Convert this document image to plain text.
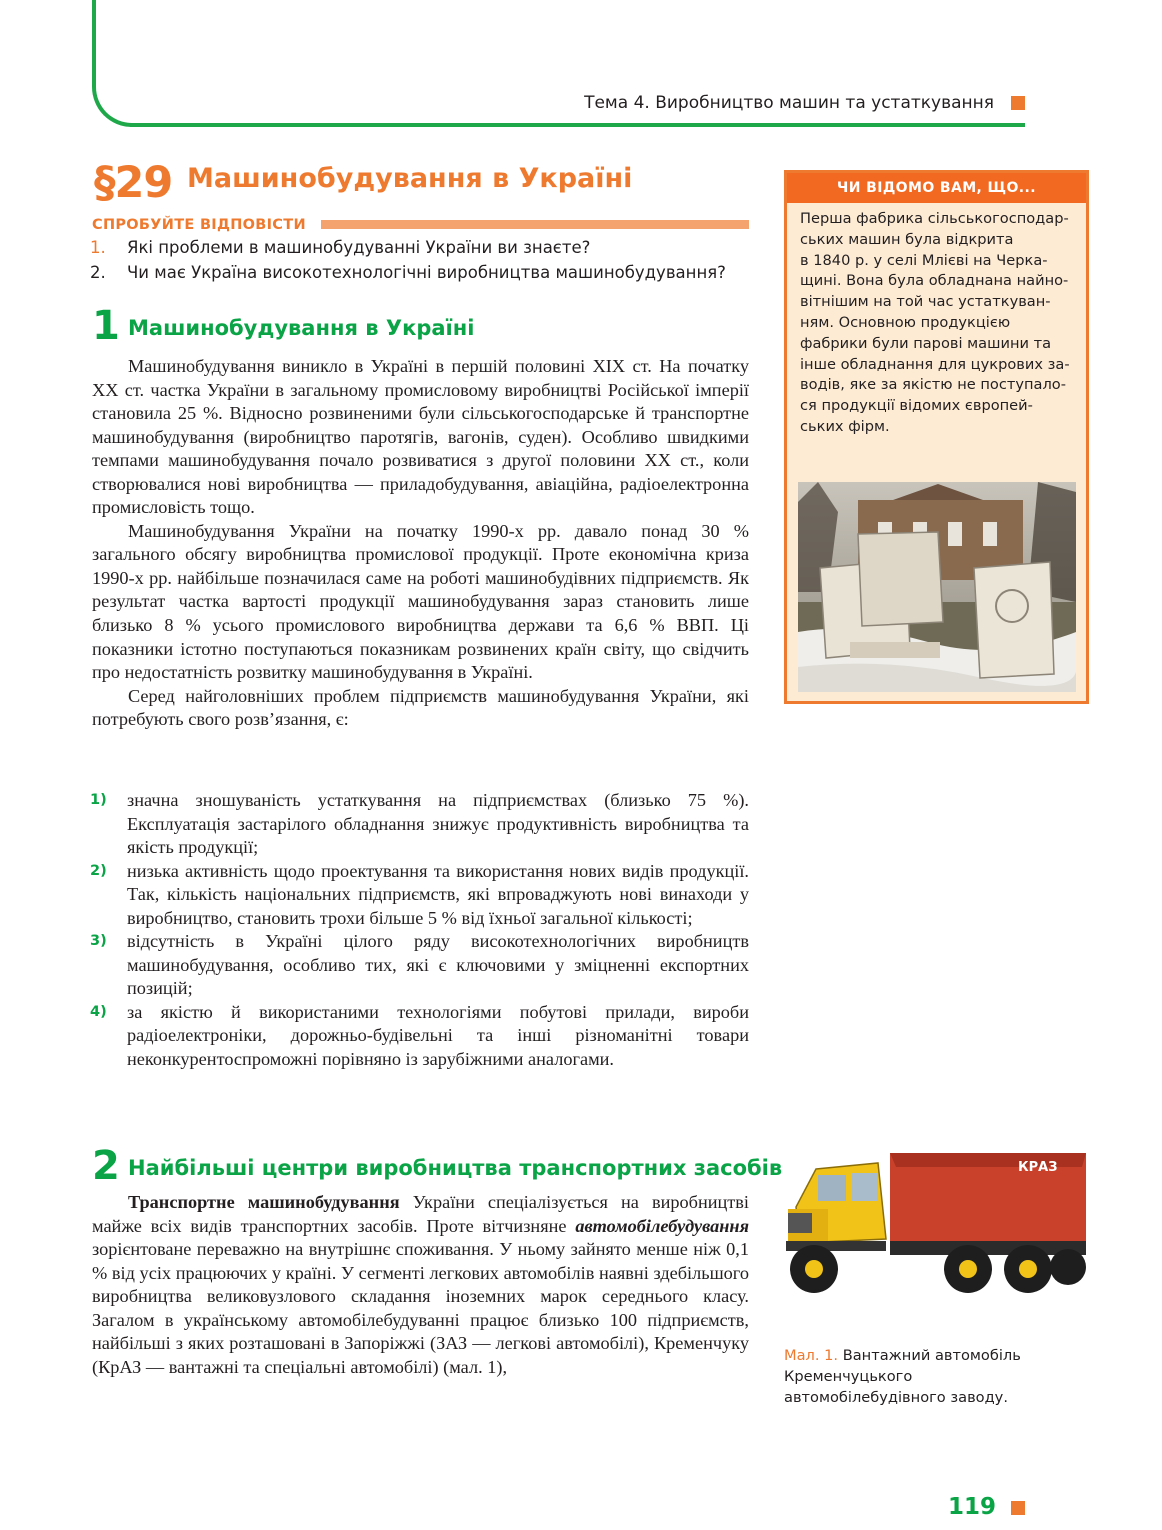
Тема 4. Виробництво машин та устаткування
§29 Машинобудування в Україні
СПРОБУЙТЕ ВІДПОВІСТИ
1. Які проблеми в машинобудуванні України ви знаєте?
2. Чи має Україна високотехнологічні виробництва машинобудування?
1 Машинобудування в Україні

Машинобудування виникло в Україні в першій половині XIX ст. На початку XX ст. частка України в загальному промисловому виробництві Російської імперії становила 25 %. Відносно розвиненими були сільськогосподарське й транспортне машинобудування (виробництво паротягів, вагонів, суден). Особливо швидкими темпами машинобудування почало розвиватися з другої половини XX ст., коли створювалися нові виробництва — приладобудування, авіаційна, радіоелектронна промисловість тощо.

Машинобудування України на початку 1990-х рр. давало понад 30 % загального обсягу виробництва промислової продукції. Проте економічна криза 1990-х рр. найбільше позначилася саме на роботі машинобудівних підприємств. Як результат частка вартості продукції машинобудування зараз становить лише близько 8 % усього промислового виробництва держави та 6,6 % ВВП. Ці показники істотно поступаються показникам розвинених країн світу, що свідчить про недостатність розвитку машинобудування в Україні.

Серед найголовніших проблем підприємств машинобудування України, які потребують свого розв’язання, є:

1) значна зношуваність устаткування на підприємствах (близько 75 %). Експлуатація застарілого обладнання знижує продуктивність виробництва та якість продукції;
2) низька активність щодо проектування та використання нових видів продукції. Так, кількість національних підприємств, які впроваджують нові винаходи у виробництво, становить трохи більше 5 % від їхньої загальної кількості;
3) відсутність в Україні цілого ряду високотехнологічних виробництв машинобудування, особливо тих, які є ключовими у зміцненні експортних позицій;
4) за якістю й використаними технологіями побутові прилади, вироби радіоелектроніки, дорожньо-будівельні та інші різноманітні товари неконкурентоспроможні порівняно із зарубіжними аналогами.
2 Найбільші центри виробництва транспортних засобів

Транспортне машинобудування України спеціалізується на виробництві майже всіх видів транспортних засобів. Проте вітчизняне автомобілебудування зорієнтоване переважно на внутрішнє споживання. У ньому зайнято менше ніж 0,1 % від усіх працюючих у країні. У сегменті легкових автомобілів наявні здебільшого виробництва великовузлового складання іноземних марок середнього класу. Загалом в українському автомобілебудуванні працює близько 100 підприємств, найбільші з яких розташовані в Запоріжжі (ЗАЗ — легкові автомобілі), Кременчуку (КрАЗ — вантажні та спеціальні автомобілі) (мал. 1),

ЧИ ВІДОМО ВАМ, ЩО...
Перша фабрика сільськогосподар-
ських машин була відкрита
в 1840 р. у селі Млієві на Черка-
щині. Вона була обладнана найно-
вітнішим на той час устаткуван-
ням. Основною продукцією
фабрики були парові машини та
інше обладнання для цукрових за-
водів, яке за якістю не поступало-
ся продукції відомих європей-
ських фірм.
КРАЗ
Мал. 1. Вантажний автомобіль Кременчуцького автомобілебудівного заводу.
119
